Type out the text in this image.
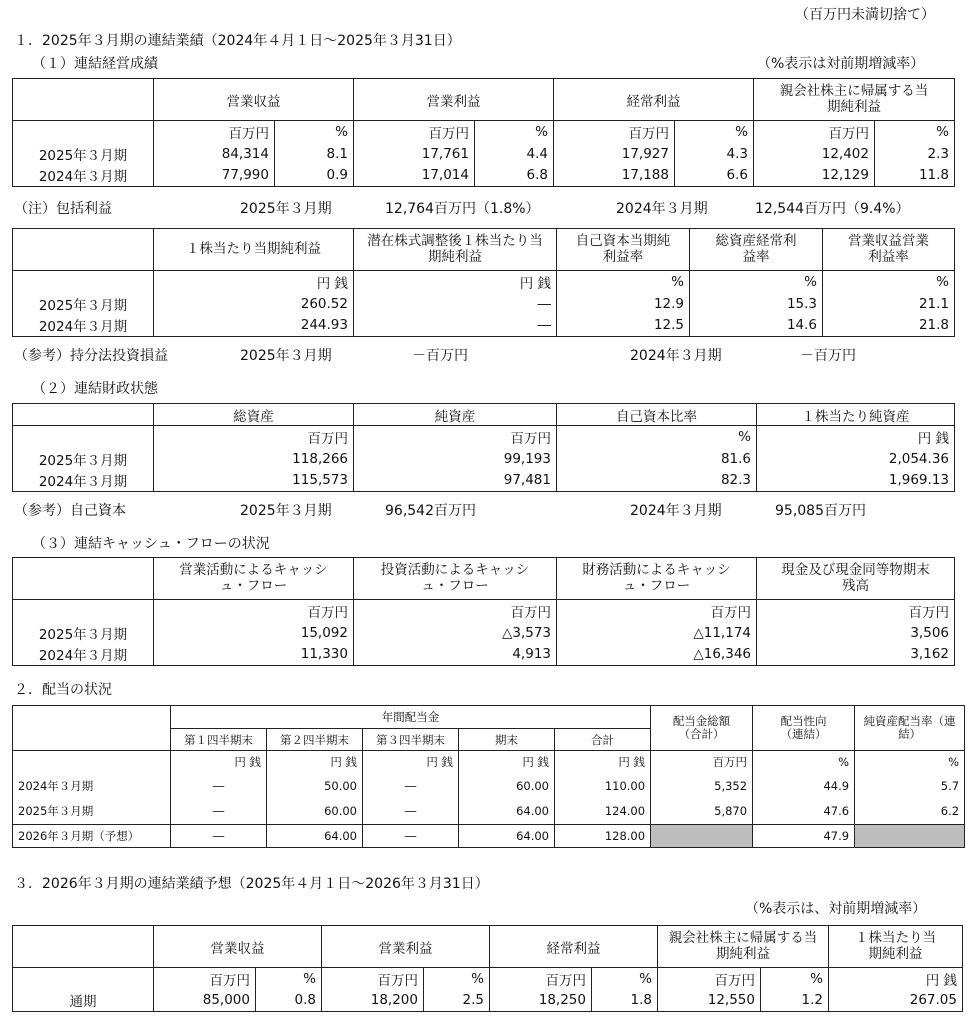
（百万円未満切捨て）
１．2025年３月期の連結業績（2024年４月１日～2025年３月31日）
（１）連結経営成績	（%表示は対前期増減率）
	営業収益		営業利益		経常利益		親会社株主に帰属する当期純利益	
	百万円	%	百万円	%	百万円	%	百万円	%
2025年３月期	84,314	8.1	17,761	4.4	17,927	4.3	12,402	2.3
2024年３月期	77,990	0.9	17,014	6.8	17,188	6.6	12,129	11.8
（注）包括利益	2025年３月期	12,764百万円（1.8%）	2024年３月期	12,544百万円（9.4%）
	１株当たり当期純利益	潜在株式調整後１株当たり当期純利益	自己資本当期純利益率	総資産経常利益率	営業収益営業利益率
	円 銭	円 銭	%	%	%
2025年３月期	260.52	―	12.9	15.3	21.1
2024年３月期	244.93	―	12.5	14.6	21.8
（参考）持分法投資損益	2025年３月期	－百万円	2024年３月期	－百万円
（２）連結財政状態
	総資産	純資産	自己資本比率	１株当たり純資産
	百万円	百万円	%	円 銭
2025年３月期	118,266	99,193	81.6	2,054.36
2024年３月期	115,573	97,481	82.3	1,969.13
（参考）自己資本	2025年３月期	96,542百万円	2024年３月期	95,085百万円
（３）連結キャッシュ・フローの状況
	営業活動によるキャッシュ・フロー	投資活動によるキャッシュ・フロー	財務活動によるキャッシュ・フロー	現金及び現金同等物期末残高
	百万円	百万円	百万円	百万円
2025年３月期	15,092	△3,573	△11,174	3,506
2024年３月期	11,330	4,913	△16,346	3,162
２．配当の状況
	年間配当金					配当金総額（合計）	配当性向（連結）	純資産配当率（連結）
	第１四半期末	第２四半期末	第３四半期末	期末	合計			
	円 銭	円 銭	円 銭	円 銭	円 銭	百万円	%	%
2024年３月期	―	50.00	―	60.00	110.00	5,352	44.9	5.7
2025年３月期	―	60.00	―	64.00	124.00	5,870	47.6	6.2
2026年３月期（予想）	―	64.00	―	64.00	128.00		47.9	
３．2026年３月期の連結業績予想（2025年４月１日～2026年３月31日）
（%表示は、対前期増減率）
	営業収益		営業利益		経常利益		親会社株主に帰属する当期純利益		１株当たり当期純利益
	百万円	%	百万円	%	百万円	%	百万円	%	円 銭
通期	85,000	0.8	18,200	2.5	18,250	1.8	12,550	1.2	267.05
